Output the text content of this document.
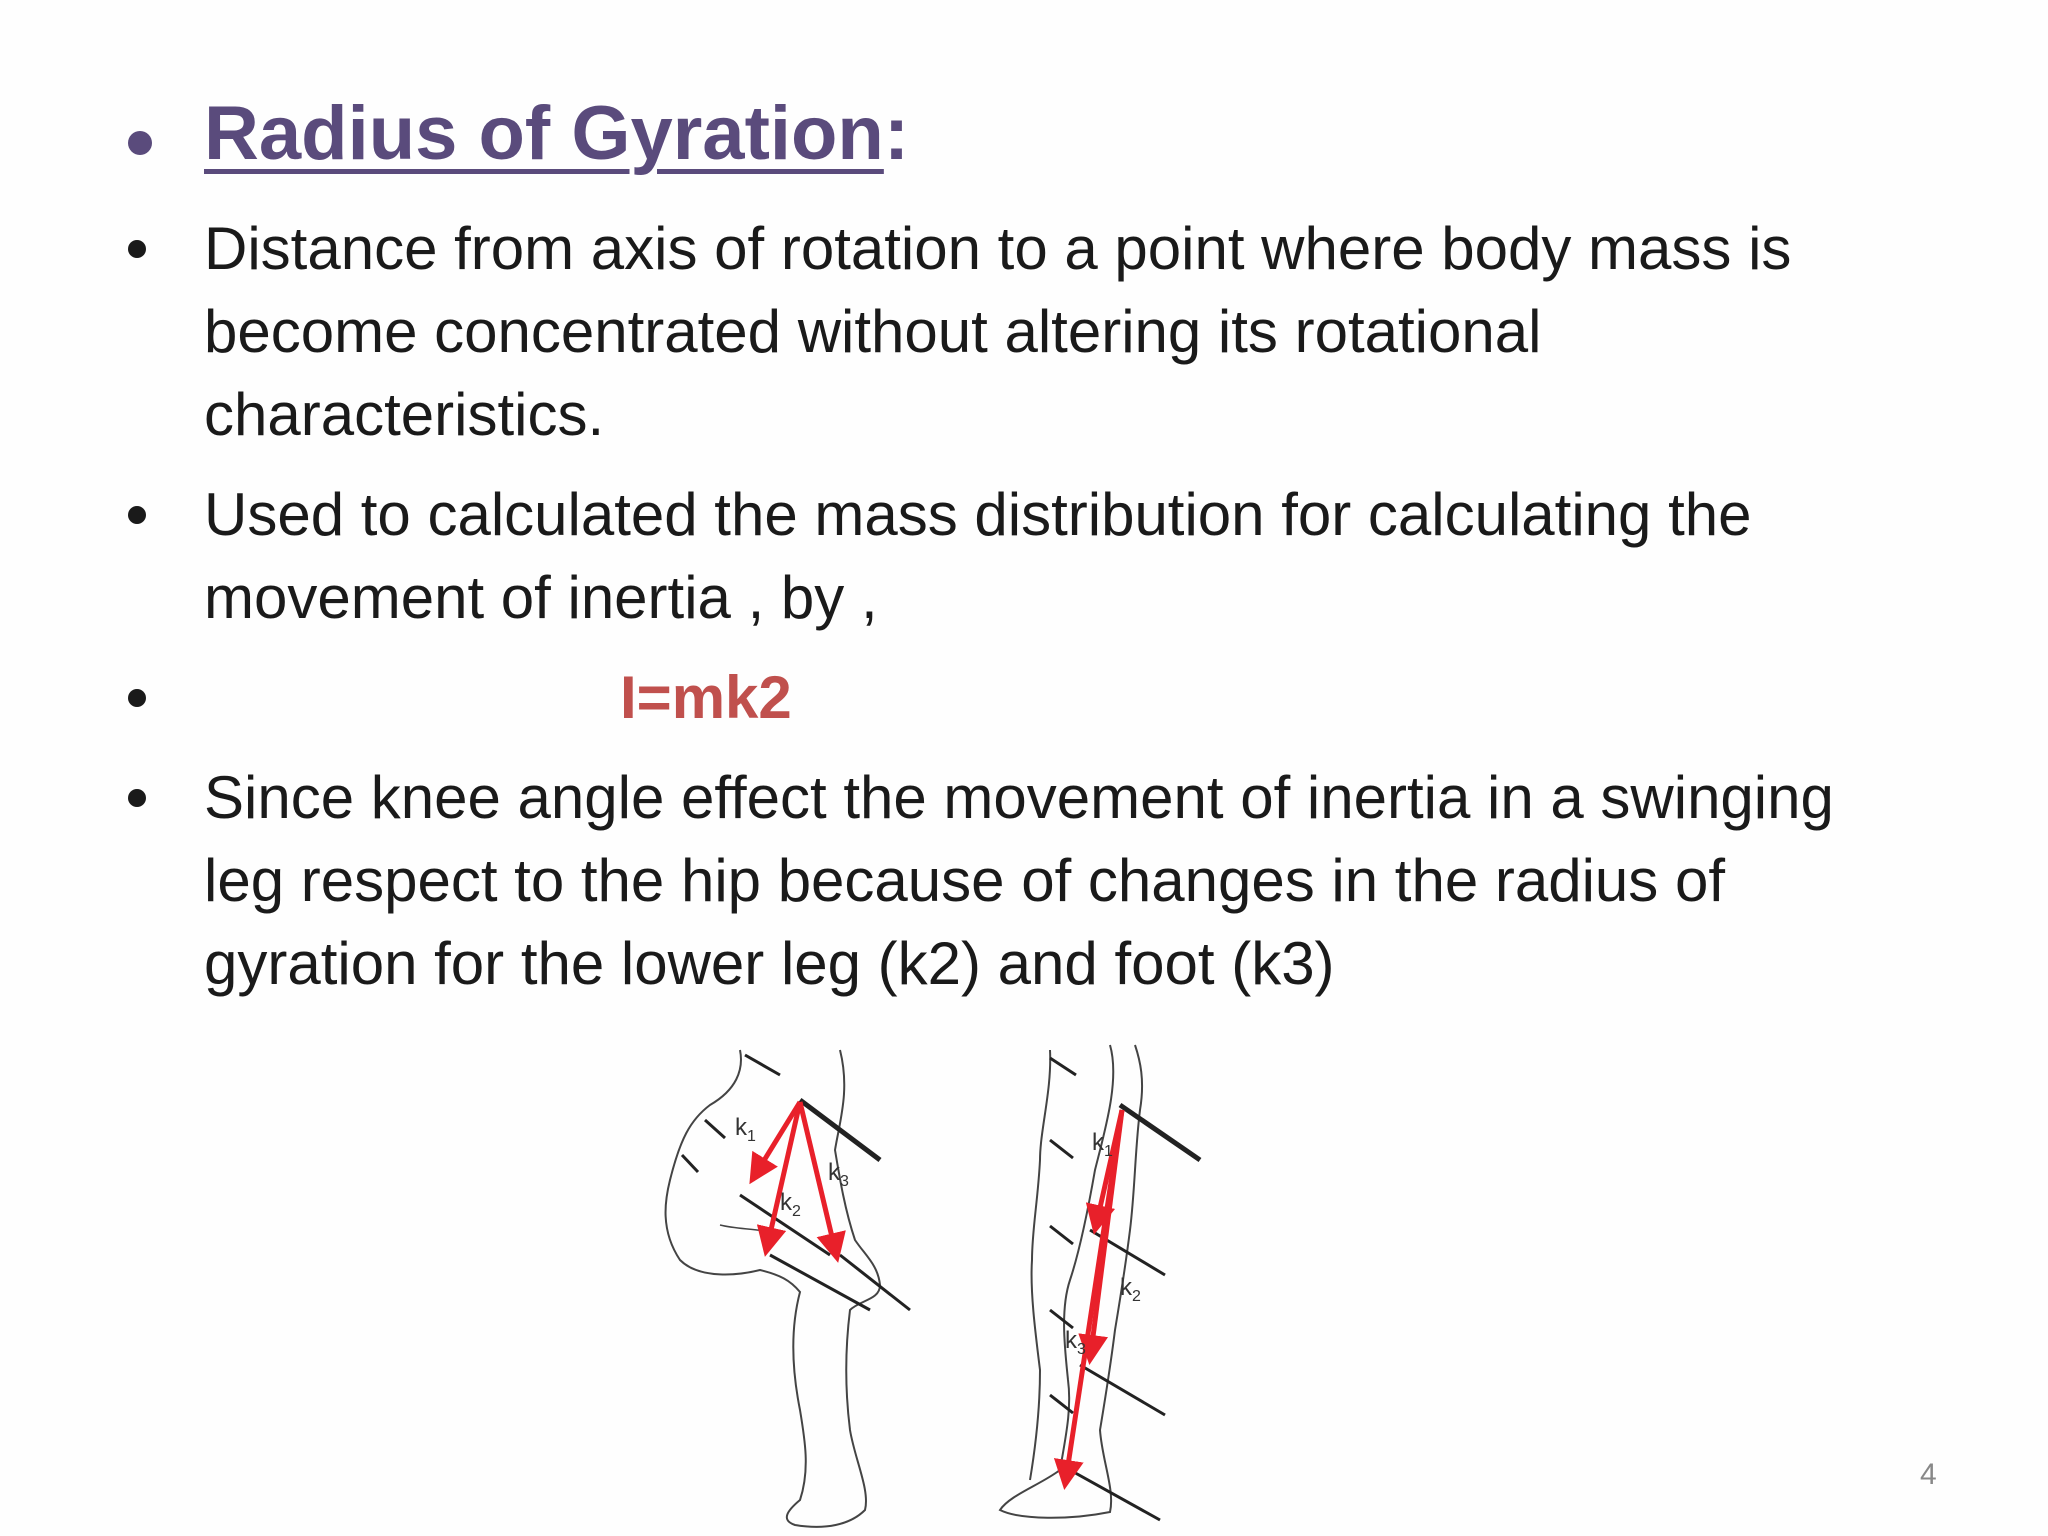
Radius of Gyration:
Distance from axis of rotation to a point where body mass is
become concentrated without altering its rotational
characteristics.
Used to calculated the mass distribution for calculating the
movement of inertia , by ,
I=mk2
Since knee angle effect the movement of inertia in a swinging
leg respect to the hip because of changes in the radius of
gyration for the lower leg (k2) and foot (k3)
$k_1$
$k_2$
$k_3$
$k_1$
$k_2$
$k_3$
4
